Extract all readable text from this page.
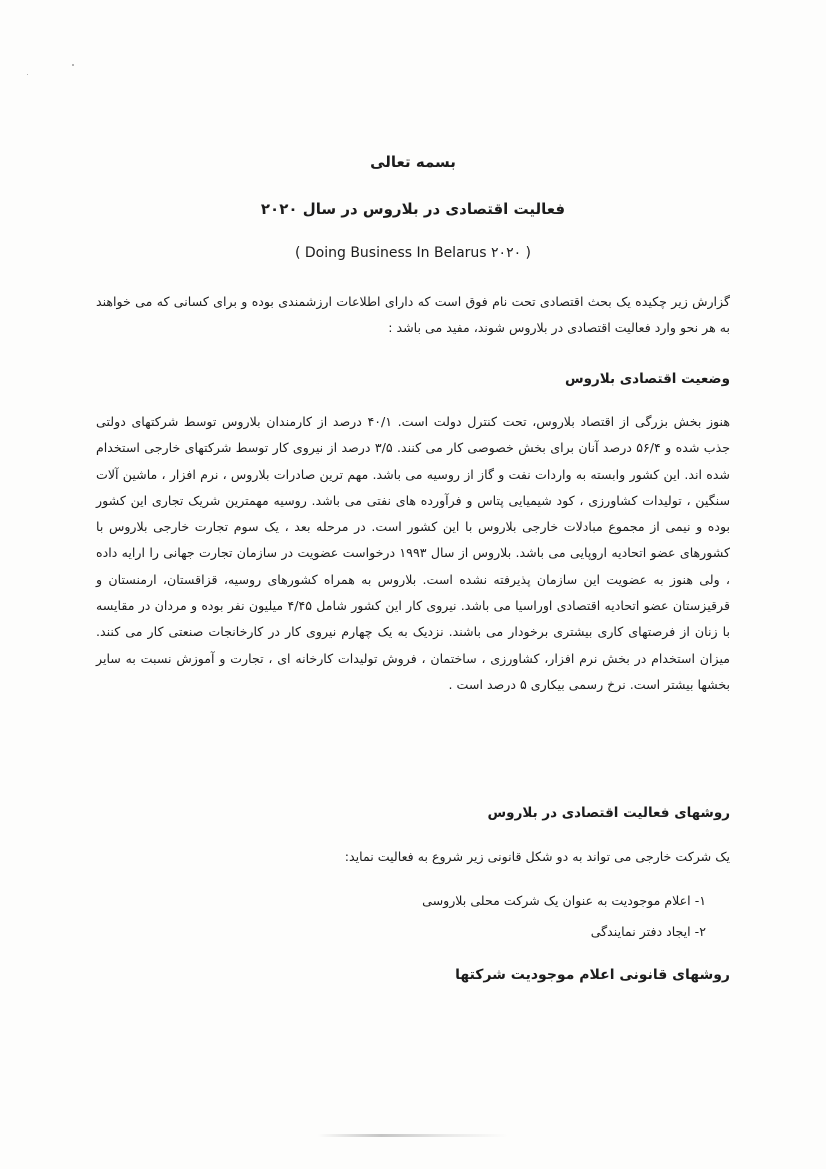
بسمه تعالی
فعالیت اقتصادی در بلاروس در سال ۲۰۲۰
( Doing Business In Belarus ۲۰۲۰ )
گزارش زیر چکیده یک بحث اقتصادی تحت نام فوق است که دارای اطلاعات ارزشمندی بوده و برای کسانی که می خواهند به هر نحو وارد فعالیت اقتصادی در بلاروس شوند، مفید می باشد :
وضعیت اقتصادی بلاروس
هنوز بخش بزرگی از اقتصاد بلاروس، تحت کنترل دولت است. ۴۰/۱ درصد از کارمندان بلاروس توسط شرکتهای دولتی جذب شده و ۵۶/۴ درصد آنان برای بخش خصوصی کار می کنند. ۳/۵ درصد از نیروی کار توسط شرکتهای خارجی استخدام شده اند. این کشور وابسته به واردات نفت و گاز از روسیه می باشد. مهم ترین صادرات بلاروس ، نرم افزار ، ماشین آلات سنگین ، تولیدات کشاورزی ، کود شیمیایی پتاس و فرآورده های نفتی می باشد. روسیه مهمترین شریک تجاری این کشور بوده و نیمی از مجموع مبادلات خارجی بلاروس با این کشور است. در مرحله بعد ، یک سوم تجارت خارجی بلاروس با کشورهای عضو اتحادیه اروپایی می باشد. بلاروس از سال ۱۹۹۳ درخواست عضویت در سازمان تجارت جهانی را ارایه داده ، ولی هنوز به عضویت این سازمان پذیرفته نشده است. بلاروس به همراه کشورهای روسیه، قزاقستان، ارمنستان و قرقیزستان عضو اتحادیه اقتصادی اوراسیا می باشد. نیروی کار این کشور شامل ۴/۴۵ میلیون نفر بوده و مردان در مقایسه با زنان از فرصتهای کاری بیشتری برخودار می باشند. نزدیک به یک چهارم نیروی کار در کارخانجات صنعتی کار می کنند. میزان استخدام در بخش نرم افزار، کشاورزی ، ساختمان ، فروش تولیدات کارخانه ای ، تجارت و آموزش نسبت به سایر بخشها بیشتر است. نرخ رسمی بیکاری ۵ درصد است .
روشهای فعالیت اقتصادی در بلاروس
یک شرکت خارجی می تواند به دو شکل قانونی زیر شروع به فعالیت نماید:
۱- اعلام موجودیت به عنوان یک شرکت محلی بلاروسی
۲- ایجاد دفتر نمایندگی
روشهای قانونی اعلام موجودیت شرکتها
